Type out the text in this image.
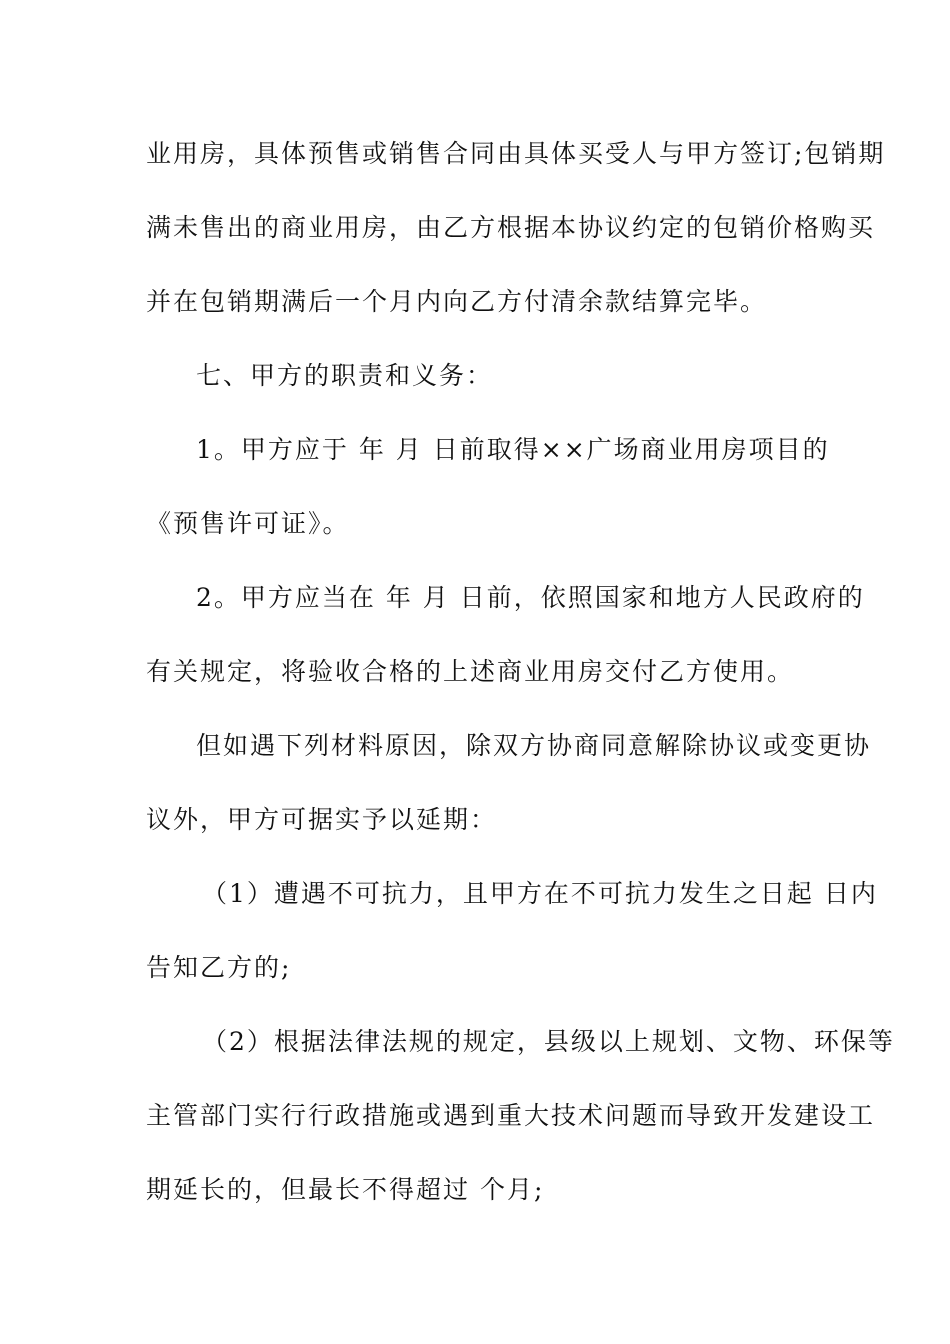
业用房，具体预售或销售合同由具体买受人与甲方签订;包销期
满未售出的商业用房，由乙方根据本协议约定的包销价格购买
并在包销期满后一个月内向乙方付清余款结算完毕。
七、甲方的职责和义务：
1。甲方应于 年 月 日前取得××广场商业用房项目的
《预售许可证》。
2。甲方应当在 年 月 日前，依照国家和地方人民政府的
有关规定，将验收合格的上述商业用房交付乙方使用。
但如遇下列材料原因，除双方协商同意解除协议或变更协
议外，甲方可据实予以延期：
（1）遭遇不可抗力，且甲方在不可抗力发生之日起 日内
告知乙方的;
（2）根据法律法规的规定，县级以上规划、文物、环保等
主管部门实行行政措施或遇到重大技术问题而导致开发建设工
期延长的，但最长不得超过 个月;
